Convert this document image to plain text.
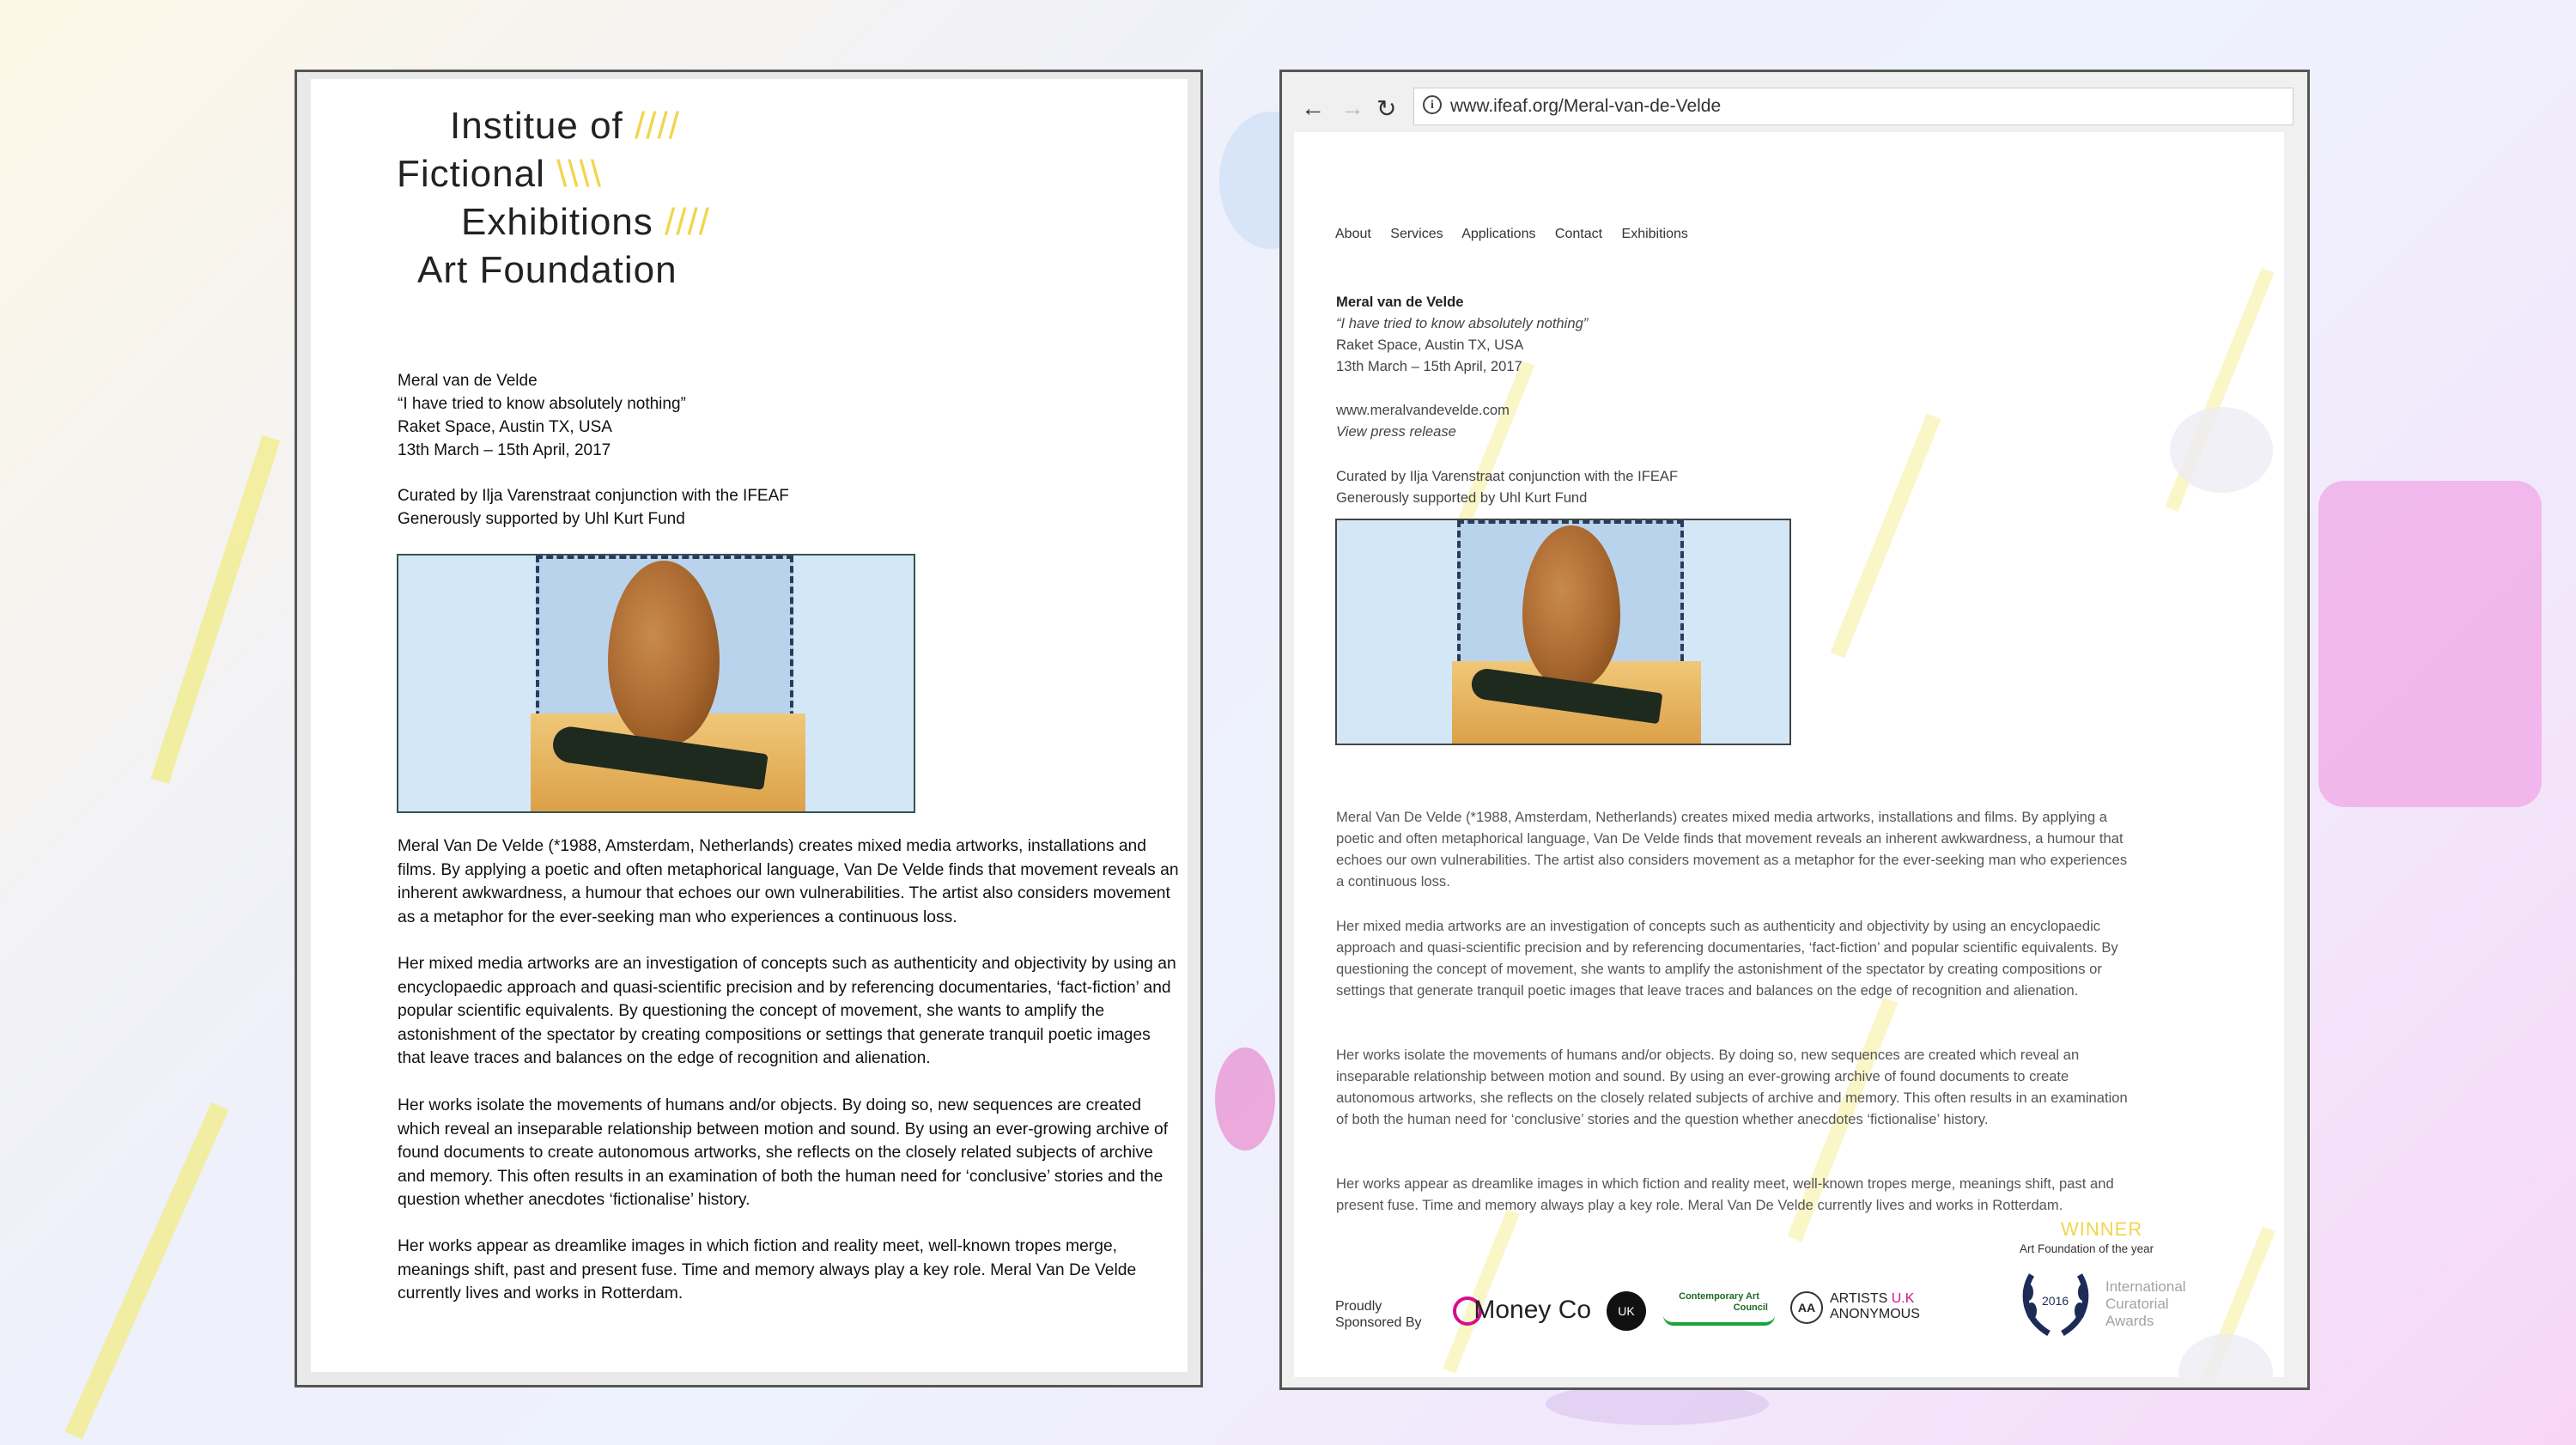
Institue of ////
Fictional \\\\
Exhibitions ////
Art Foundation
Meral van de Velde
“I have tried to know absolutely nothing”
Raket Space, Austin TX, USA
13th March – 15th April, 2017
Curated by Ilja Varenstraat conjunction with the IFEAF
Generously supported by Uhl Kurt Fund
Meral Van De Velde (*1988, Amsterdam, Netherlands) creates mixed media artworks, installations and films. By applying a poetic and often metaphorical language, Van De Velde finds that movement reveals an inherent awkwardness, a humour that echoes our own vulnerabilities. The artist also considers movement as a metaphor for the ever-seeking man who experiences a continuous loss.
Her mixed media artworks are an investigation of concepts such as authenticity and objectivity by using an encyclopaedic approach and quasi-scientific precision and by referencing documentaries, ‘fact-fiction’ and popular scientific equivalents. By questioning the concept of movement, she wants to amplify the astonishment of the spectator by creating compositions or settings that generate tranquil poetic images that leave traces and balances on the edge of recognition and alienation.
Her works isolate the movements of humans and/or objects. By doing so, new sequences are created which reveal an inseparable relationship between motion and sound. By using an ever-growing archive of found documents to create autonomous artworks, she reflects on the closely related subjects of archive and memory. This often results in an examination of both the human need for ‘conclusive’ stories and the question whether anecdotes ‘fictionalise’ history.
Her works appear as dreamlike images in which fiction and reality meet, well-known tropes merge, meanings shift, past and present fuse. Time and memory always play a key role. Meral Van De Velde currently lives and works in Rotterdam.
← → ↻	i www.ifeaf.org/Meral-van-de-Velde
About Services Applications Contact Exhibitions
Meral van de Velde
“I have tried to know absolutely nothing”
Raket Space, Austin TX, USA
13th March – 15th April, 2017
www.meralvandevelde.com
View press release
Curated by Ilja Varenstraat conjunction with the IFEAF
Generously supported by Uhl Kurt Fund
Meral Van De Velde (*1988, Amsterdam, Netherlands) creates mixed media artworks, installations and films. By applying a poetic and often metaphorical language, Van De Velde finds that movement reveals an inherent awkwardness, a humour that echoes our own vulnerabilities. The artist also considers movement as a metaphor for the ever-seeking man who experiences a continuous loss.
Her mixed media artworks are an investigation of concepts such as authenticity and objectivity by using an encyclopaedic approach and quasi-scientific precision and by referencing documentaries, ‘fact-fiction’ and popular scientific equivalents. By questioning the concept of movement, she wants to amplify the astonishment of the spectator by creating compositions or settings that generate tranquil poetic images that leave traces and balances on the edge of recognition and alienation.
Her works isolate the movements of humans and/or objects. By doing so, new sequences are created which reveal an inseparable relationship between motion and sound. By using an ever-growing archive of found documents to create autonomous artworks, she reflects on the closely related subjects of archive and memory. This often results in an examination of both the human need for ‘conclusive’ stories and the question whether anecdotes ‘fictionalise’ history.
Her works appear as dreamlike images in which fiction and reality meet, well-known tropes merge, meanings shift, past and present fuse. Time and memory always play a key role. Meral Van De Velde currently lives and works in Rotterdam.
Proudly
Sponsored By	Money Co	UK
Contemporary Art
Council	AA
ARTISTS U.K
ANONYMOUS
WINNER
Art Foundation of the year
2016
International
Curatorial
Awards
